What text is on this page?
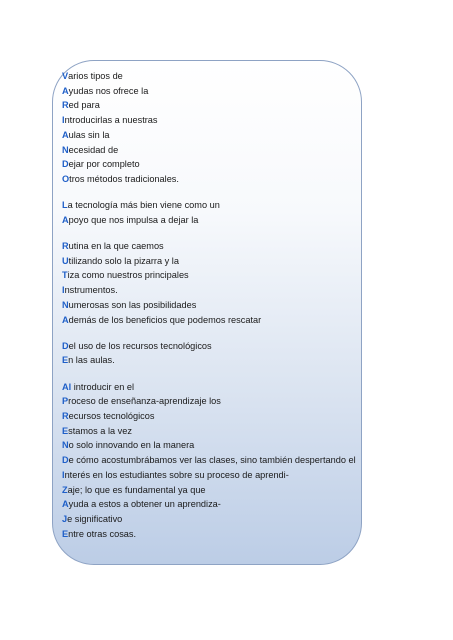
Varios tipos de
Ayudas nos ofrece la
Red para
Introducirlas a nuestras
Aulas sin la
Necesidad de
Dejar por completo
Otros métodos tradicionales.
La tecnología más bien viene como un
Apoyo que nos impulsa a dejar la
Rutina en la que caemos
Utilizando solo la pizarra y la
Tiza como nuestros principales
Instrumentos.
Numerosas son las posibilidades
Además de los beneficios que podemos rescatar
Del uso de los recursos tecnológicos
En las aulas.
Al introducir en el
Proceso de enseñanza-aprendizaje los
Recursos tecnológicos
Estamos a la vez
No solo innovando en la manera
De cómo acostumbrábamos ver las clases, sino también despertando el
Interés en los estudiantes sobre su proceso de aprendi-
Zaje; lo que es fundamental ya que
Ayuda a estos a obtener un aprendiza-
Je significativo
Entre otras cosas.
